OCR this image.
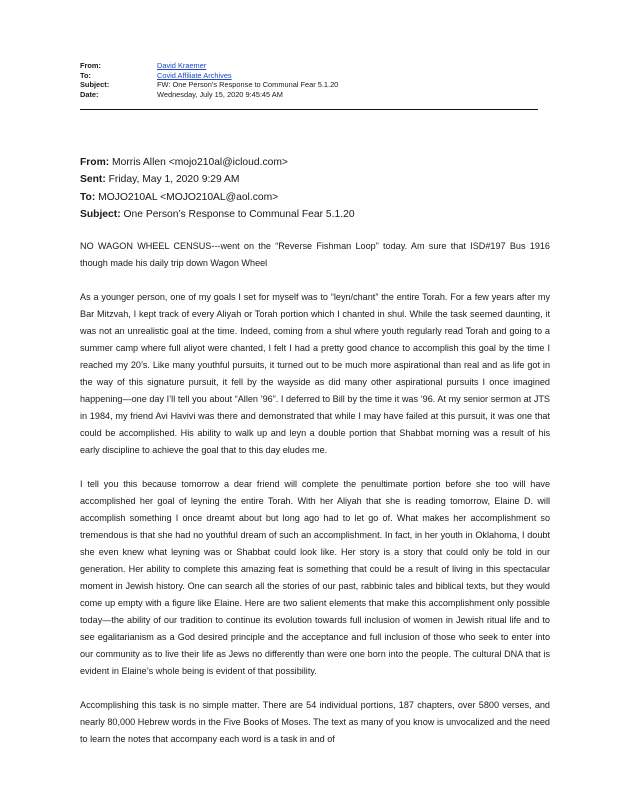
From:	David Kraemer
To:	Covid Affiliate Archives
Subject:	FW: One Person’s Response to Communal Fear 5.1.20
Date:	Wednesday, July 15, 2020 9:45:45 AM
From: Morris Allen <mojo210al@icloud.com>
Sent: Friday, May 1, 2020 9:29 AM
To: MOJO210AL <MOJO210AL@aol.com>
Subject: One Person’s Response to Communal Fear 5.1.20

NO WAGON WHEEL CENSUS---went on the “Reverse Fishman Loop” today. Am sure that ISD#197 Bus 1916 though made his daily trip down Wagon Wheel

As a younger person, one of my goals I set for myself was to “leyn/chant” the entire Torah. For a few years after my Bar Mitzvah, I kept track of every Aliyah or Torah portion which I chanted in shul. While the task seemed daunting, it was not an unrealistic goal at the time. Indeed, coming from a shul where youth regularly read Torah and going to a summer camp where full aliyot were chanted, I felt I had a pretty good chance to accomplish this goal by the time I reached my 20’s. Like many youthful pursuits, it turned out to be much more aspirational than real and as life got in the way of this signature pursuit, it fell by the wayside as did many other aspirational pursuits I once imagined happening—one day I’ll tell you about “Allen ’96”. I deferred to Bill by the time it was ’96. At my senior sermon at JTS in 1984, my friend Avi Havivi was there and demonstrated that while I may have failed at this pursuit, it was one that could be accomplished. His ability to walk up and leyn a double portion that Shabbat morning was a result of his early discipline to achieve the goal that to this day eludes me.

I tell you this because tomorrow a dear friend will complete the penultimate portion before she too will have accomplished her goal of leyning the entire Torah. With her Aliyah that she is reading tomorrow, Elaine D. will accomplish something I once dreamt about but long ago had to let go of. What makes her accomplishment so tremendous is that she had no youthful dream of such an accomplishment. In fact, in her youth in Oklahoma, I doubt she even knew what leyning was or Shabbat could look like. Her story is a story that could only be told in our generation. Her ability to complete this amazing feat is something that could be a result of living in this spectacular moment in Jewish history. One can search all the stories of our past, rabbinic tales and biblical texts, but they would come up empty with a figure like Elaine. Here are two salient elements that make this accomplishment only possible today—the ability of our tradition to continue its evolution towards full inclusion of women in Jewish ritual life and to see egalitarianism as a God desired principle and the acceptance and full inclusion of those who seek to enter into our community as to live their life as Jews no differently than were one born into the people. The cultural DNA that is evident in Elaine’s whole being is evident of that possibility.

Accomplishing this task is no simple matter. There are 54 individual portions, 187 chapters, over 5800 verses, and nearly 80,000 Hebrew words in the Five Books of Moses. The text as many of you know is unvocalized and the need to learn the notes that accompany each word is a task in and of
